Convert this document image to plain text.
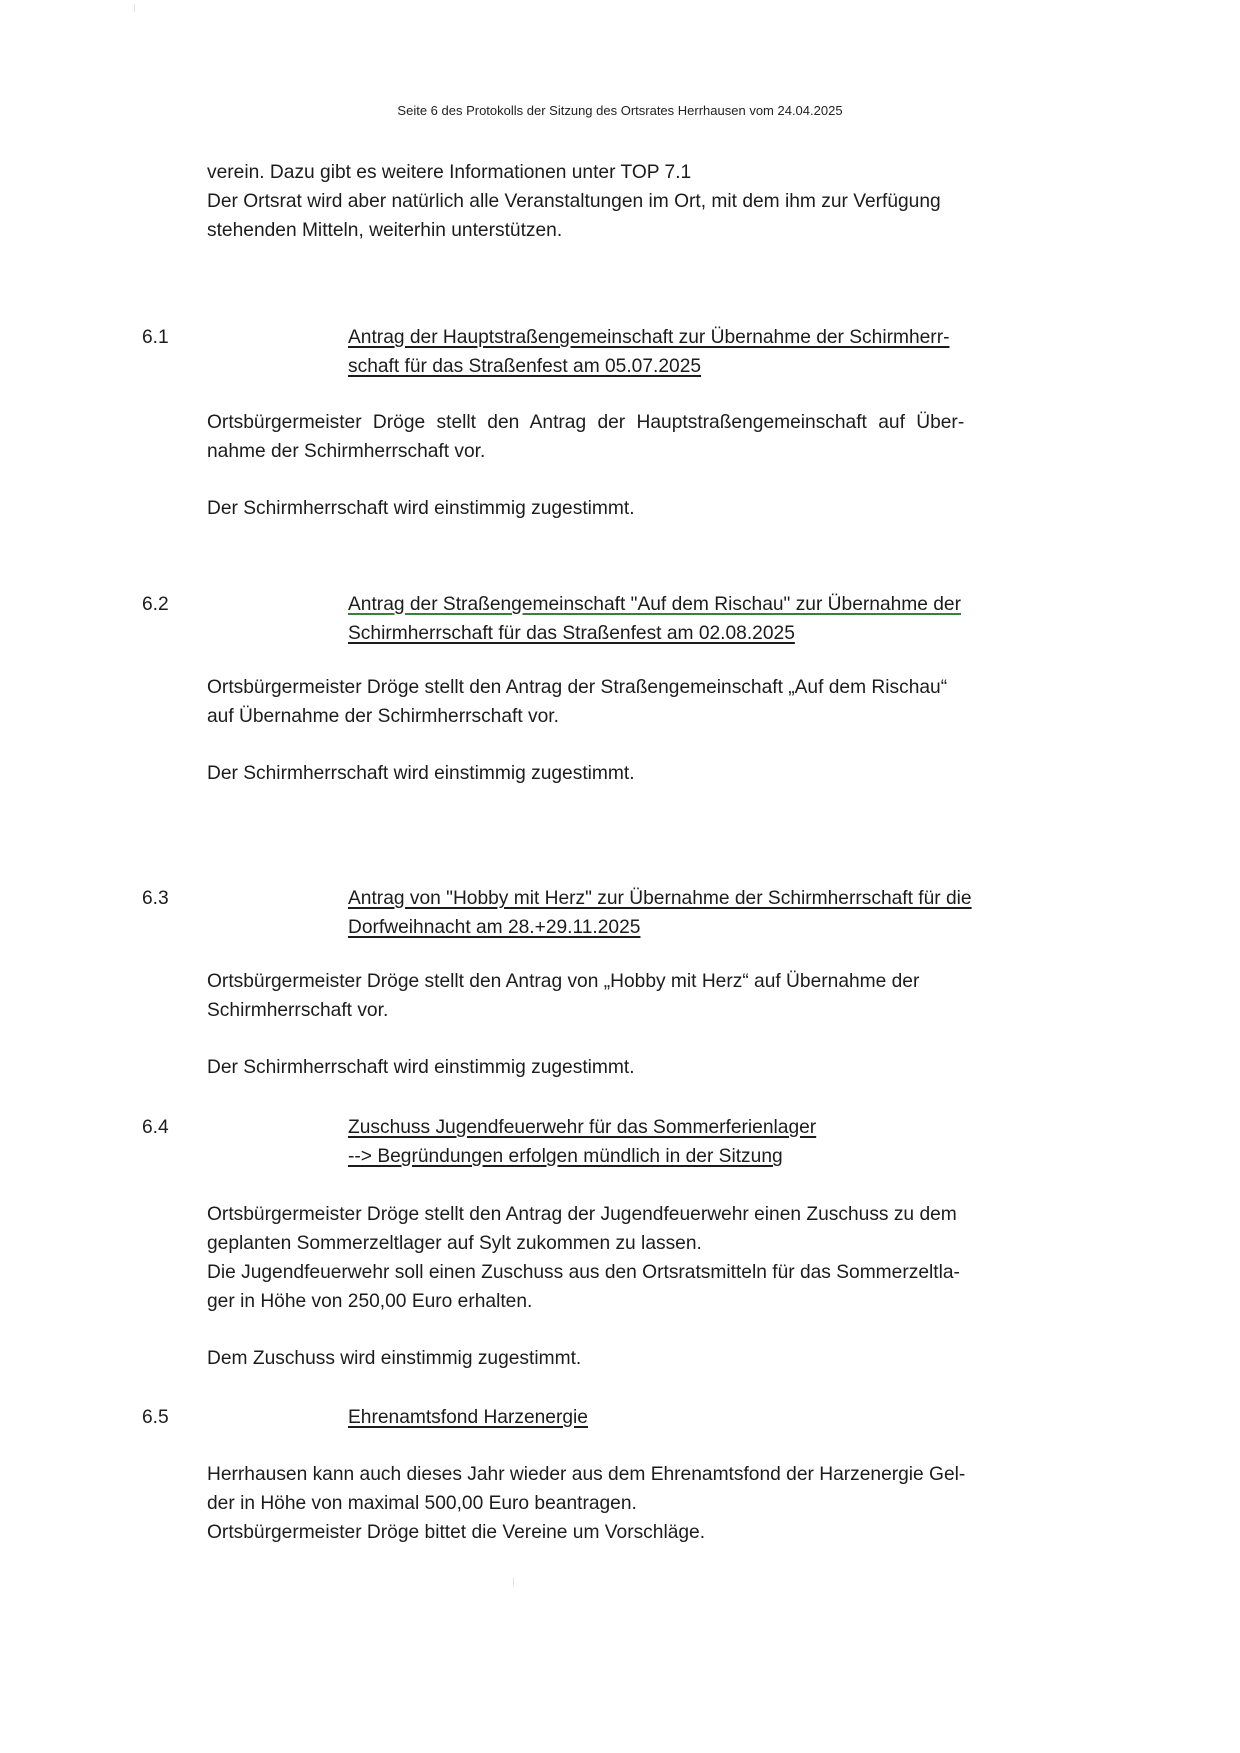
Seite 6 des Protokolls der Sitzung des Ortsrates Herrhausen vom 24.04.2025
verein. Dazu gibt es weitere Informationen unter TOP 7.1
Der Ortsrat wird aber natürlich alle Veranstaltungen im Ort, mit dem ihm zur Verfügung
stehenden Mitteln, weiterhin unterstützen.
6.1	Antrag der Hauptstraßengemeinschaft zur Übernahme der Schirmherr-
schaft für das Straßenfest am 05.07.2025
Ortsbürgermeister Dröge stellt den Antrag der Hauptstraßengemeinschaft auf Über-
nahme der Schirmherrschaft vor.
Der Schirmherrschaft wird einstimmig zugestimmt.
6.2	Antrag der Straßengemeinschaft "Auf dem Rischau" zur Übernahme der
Schirmherrschaft für das Straßenfest am 02.08.2025
Ortsbürgermeister Dröge stellt den Antrag der Straßengemeinschaft „Auf dem Rischau“
auf Übernahme der Schirmherrschaft vor.
Der Schirmherrschaft wird einstimmig zugestimmt.
6.3	Antrag von "Hobby mit Herz" zur Übernahme der Schirmherrschaft für die
Dorfweihnacht am 28.+29.11.2025
Ortsbürgermeister Dröge stellt den Antrag von „Hobby mit Herz“ auf Übernahme der
Schirmherrschaft vor.
Der Schirmherrschaft wird einstimmig zugestimmt.
6.4	Zuschuss Jugendfeuerwehr für das Sommerferienlager
--> Begründungen erfolgen mündlich in der Sitzung
Ortsbürgermeister Dröge stellt den Antrag der Jugendfeuerwehr einen Zuschuss zu dem
geplanten Sommerzeltlager auf Sylt zukommen zu lassen.
Die Jugendfeuerwehr soll einen Zuschuss aus den Ortsratsmitteln für das Sommerzeltla-
ger in Höhe von 250,00 Euro erhalten.
Dem Zuschuss wird einstimmig zugestimmt.
6.5	Ehrenamtsfond Harzenergie
Herrhausen kann auch dieses Jahr wieder aus dem Ehrenamtsfond der Harzenergie Gel-
der in Höhe von maximal 500,00 Euro beantragen.
Ortsbürgermeister Dröge bittet die Vereine um Vorschläge.
